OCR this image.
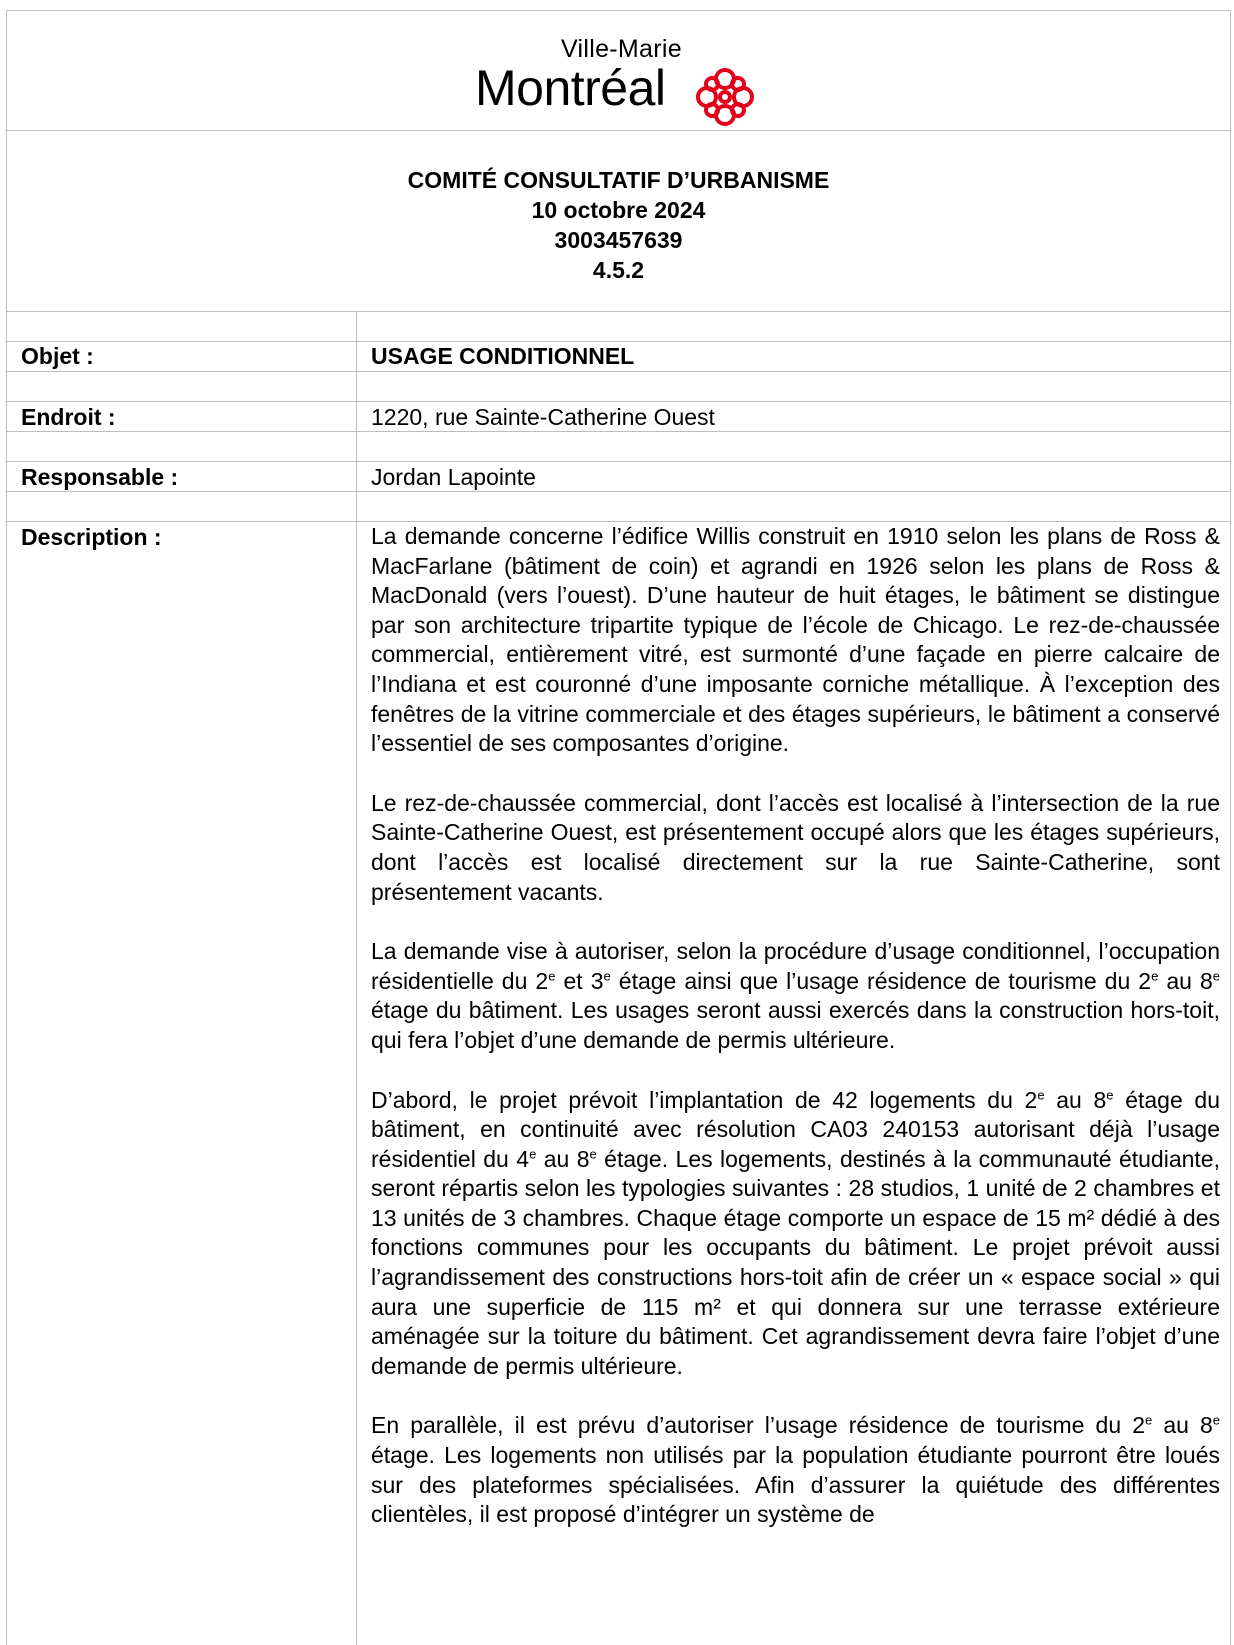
Ville-Marie
Montréal
COMITÉ CONSULTATIF D’URBANISME
10 octobre 2024
3003457639
4.5.2
Objet :	USAGE CONDITIONNEL
Endroit :	1220, rue Sainte-Catherine Ouest
Responsable :	Jordan Lapointe
Description :	La demande concerne l’édifice Willis construit en 1910 selon les plans de Ross & MacFarlane (bâtiment de coin) et agrandi en 1926 selon les plans de Ross & MacDonald (vers l’ouest). D’une hauteur de huit étages, le bâtiment se distingue par son architecture tripartite typique de l’école de Chicago. Le rez-de-chaussée commercial, entièrement vitré, est surmonté d’une façade en pierre calcaire de l’Indiana et est couronné d’une imposante corniche métallique. À l’exception des fenêtres de la vitrine commerciale et des étages supérieurs, le bâtiment a conservé l’essentiel de ses composantes d’origine.

Le rez-de-chaussée commercial, dont l’accès est localisé à l’intersection de la rue Sainte-Catherine Ouest, est présentement occupé alors que les étages supérieurs, dont l’accès est localisé directement sur la rue Sainte-Catherine, sont présentement vacants.

La demande vise à autoriser, selon la procédure d’usage conditionnel, l’occupation résidentielle du 2e et 3e étage ainsi que l’usage résidence de tourisme du 2e au 8e étage du bâtiment. Les usages seront aussi exercés dans la construction hors-toit, qui fera l’objet d’une demande de permis ultérieure.

D’abord, le projet prévoit l’implantation de 42 logements du 2e au 8e étage du bâtiment, en continuité avec résolution CA03 240153 autorisant déjà l’usage résidentiel du 4e au 8e étage. Les logements, destinés à la communauté étudiante, seront répartis selon les typologies suivantes : 28 studios, 1 unité de 2 chambres et 13 unités de 3 chambres. Chaque étage comporte un espace de 15 m² dédié à des fonctions communes pour les occupants du bâtiment. Le projet prévoit aussi l’agrandissement des constructions hors-toit afin de créer un « espace social » qui aura une superficie de 115 m² et qui donnera sur une terrasse extérieure aménagée sur la toiture du bâtiment. Cet agrandissement devra faire l’objet d’une demande de permis ultérieure.

En parallèle, il est prévu d’autoriser l’usage résidence de tourisme du 2e au 8e étage. Les logements non utilisés par la population étudiante pourront être loués sur des plateformes spécialisées. Afin d’assurer la quiétude des différentes clientèles, il est proposé d’intégrer un système de
